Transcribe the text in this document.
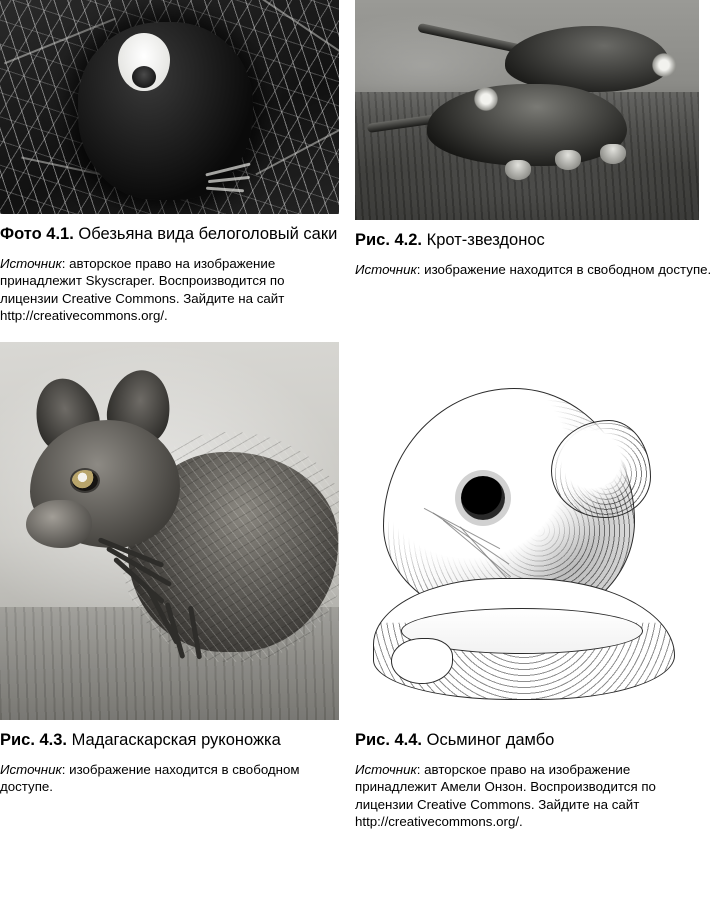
Фото 4.1. Обезьяна вида белоголовый саки
Источник: авторское право на изображение принадлежит Skyscraper. Воспроизводится по лицензии Creative Commons. Зайдите на сайт http://creativecommons.org/.
Рис. 4.2. Крот-звездонос
Источник: изображение находится в свободном доступе.
Рис. 4.3. Мадагаскарская руконожка
Источник: изображение находится в свободном доступе.
Рис. 4.4. Осьминог дамбо
Источник: авторское право на изображение принадлежит Амели Онзон. Воспроизводится по лицензии Creative Commons. Зайдите на сайт http://creativecommons.org/.
